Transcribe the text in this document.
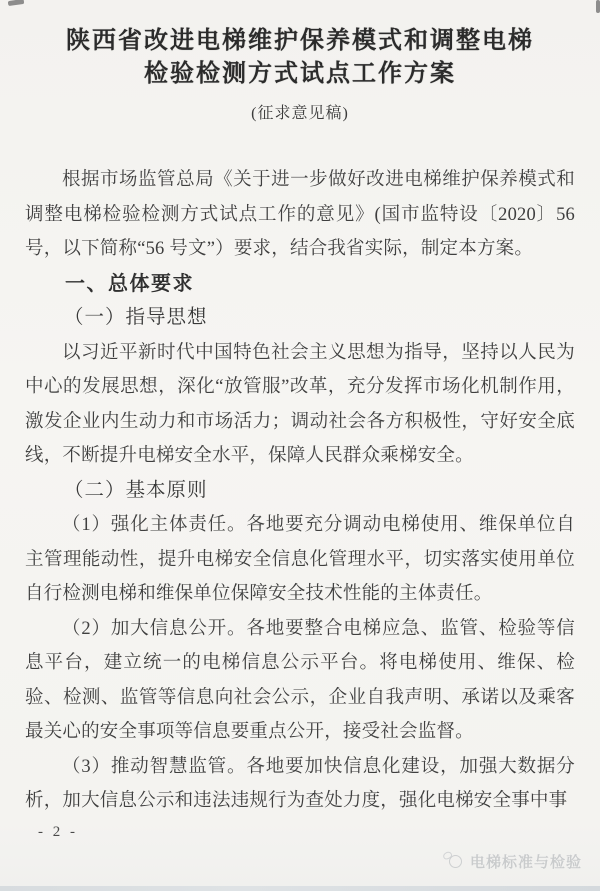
陕西省改进电梯维护保养模式和调整电梯
检验检测方式试点工作方案
(征求意见稿)

根据市场监管总局《关于进一步做好改进电梯维护保养模式和调整电梯检验检测方式试点工作的意见》(国市监特设〔2020〕56 号，以下简称“56 号文”）要求，结合我省实际，制定本方案。

一、总体要求

（一）指导思想

以习近平新时代中国特色社会主义思想为指导，坚持以人民为中心的发展思想，深化“放管服”改革，充分发挥市场化机制作用，激发企业内生动力和市场活力；调动社会各方积极性，守好安全底线，不断提升电梯安全水平，保障人民群众乘梯安全。

（二）基本原则

（1）强化主体责任。各地要充分调动电梯使用、维保单位自主管理能动性，提升电梯安全信息化管理水平，切实落实使用单位自行检测电梯和维保单位保障安全技术性能的主体责任。

（2）加大信息公开。各地要整合电梯应急、监管、检验等信息平台，建立统一的电梯信息公示平台。将电梯使用、维保、检验、检测、监管等信息向社会公示，企业自我声明、承诺以及乘客最关心的安全事项等信息要重点公开，接受社会监督。

（3）推动智慧监管。各地要加快信息化建设，加强大数据分析，加大信息公示和违法违规行为查处力度，强化电梯安全事中事

- 2 -
电梯标准与检验
